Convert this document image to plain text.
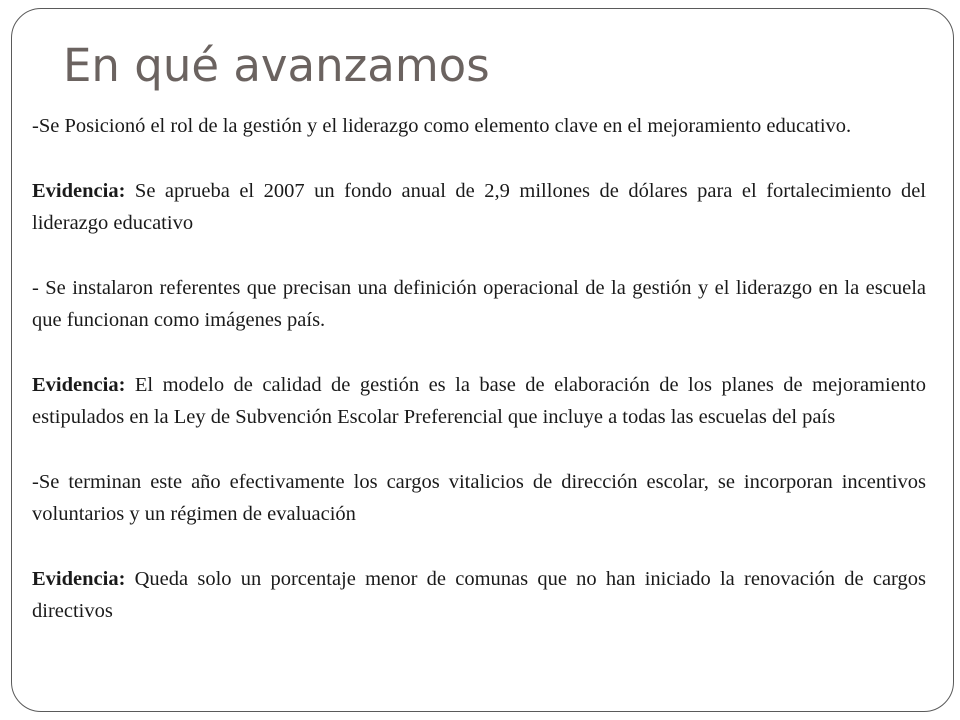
En qué avanzamos

-Se Posicionó el rol de la gestión y el liderazgo como elemento clave en el mejoramiento educativo.

Evidencia: Se aprueba el 2007 un fondo anual de 2,9 millones de dólares para el fortalecimiento del liderazgo educativo

- Se instalaron referentes que precisan una definición operacional de la gestión y el liderazgo en la escuela que funcionan como imágenes país.

Evidencia: El modelo de calidad de gestión es la base de elaboración de los planes de mejoramiento estipulados en la Ley de Subvención Escolar Preferencial que incluye a todas las escuelas del país

-Se terminan este año efectivamente los cargos vitalicios de dirección escolar, se incorporan incentivos voluntarios y un régimen de evaluación

Evidencia: Queda solo un porcentaje menor de comunas que no han iniciado la renovación de cargos directivos
